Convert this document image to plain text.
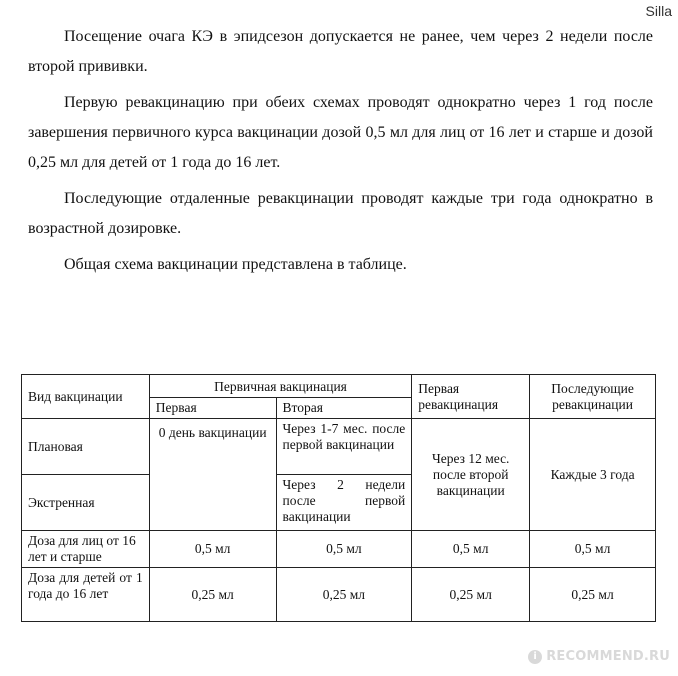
Silla

Посещение очага КЭ в эпидсезон допускается не ранее, чем через 2 недели после второй прививки.

Первую ревакцинацию при обеих схемах проводят однократно через 1 год после завершения первичного курса вакцинации дозой 0,5 мл для лиц от 16 лет и старше и дозой 0,25 мл для детей от 1 года до 16 лет.

Последующие отдаленные ревакцинации проводят каждые три года однократно в возрастной дозировке.

Общая схема вакцинации представлена в таблице.

Вид вакцинации	Первичная вакцинация		Первая ревакцинация	Последующие ревакцинации
	Первая	Вторая		
Плановая	0 день вакцинации	Через 1-7 мес. после первой вакцинации	Через 12 мес. после второй вакцинации	Каждые 3 года
Экстренная		Через 2 недели после первой вакцинации		
Доза для лиц от 16 лет и старше	0,5 мл	0,5 мл	0,5 мл	0,5 мл
Доза для детей от 1 года до 16 лет	0,25 мл	0,25 мл	0,25 мл	0,25 мл
i RECOMMEND.RU
